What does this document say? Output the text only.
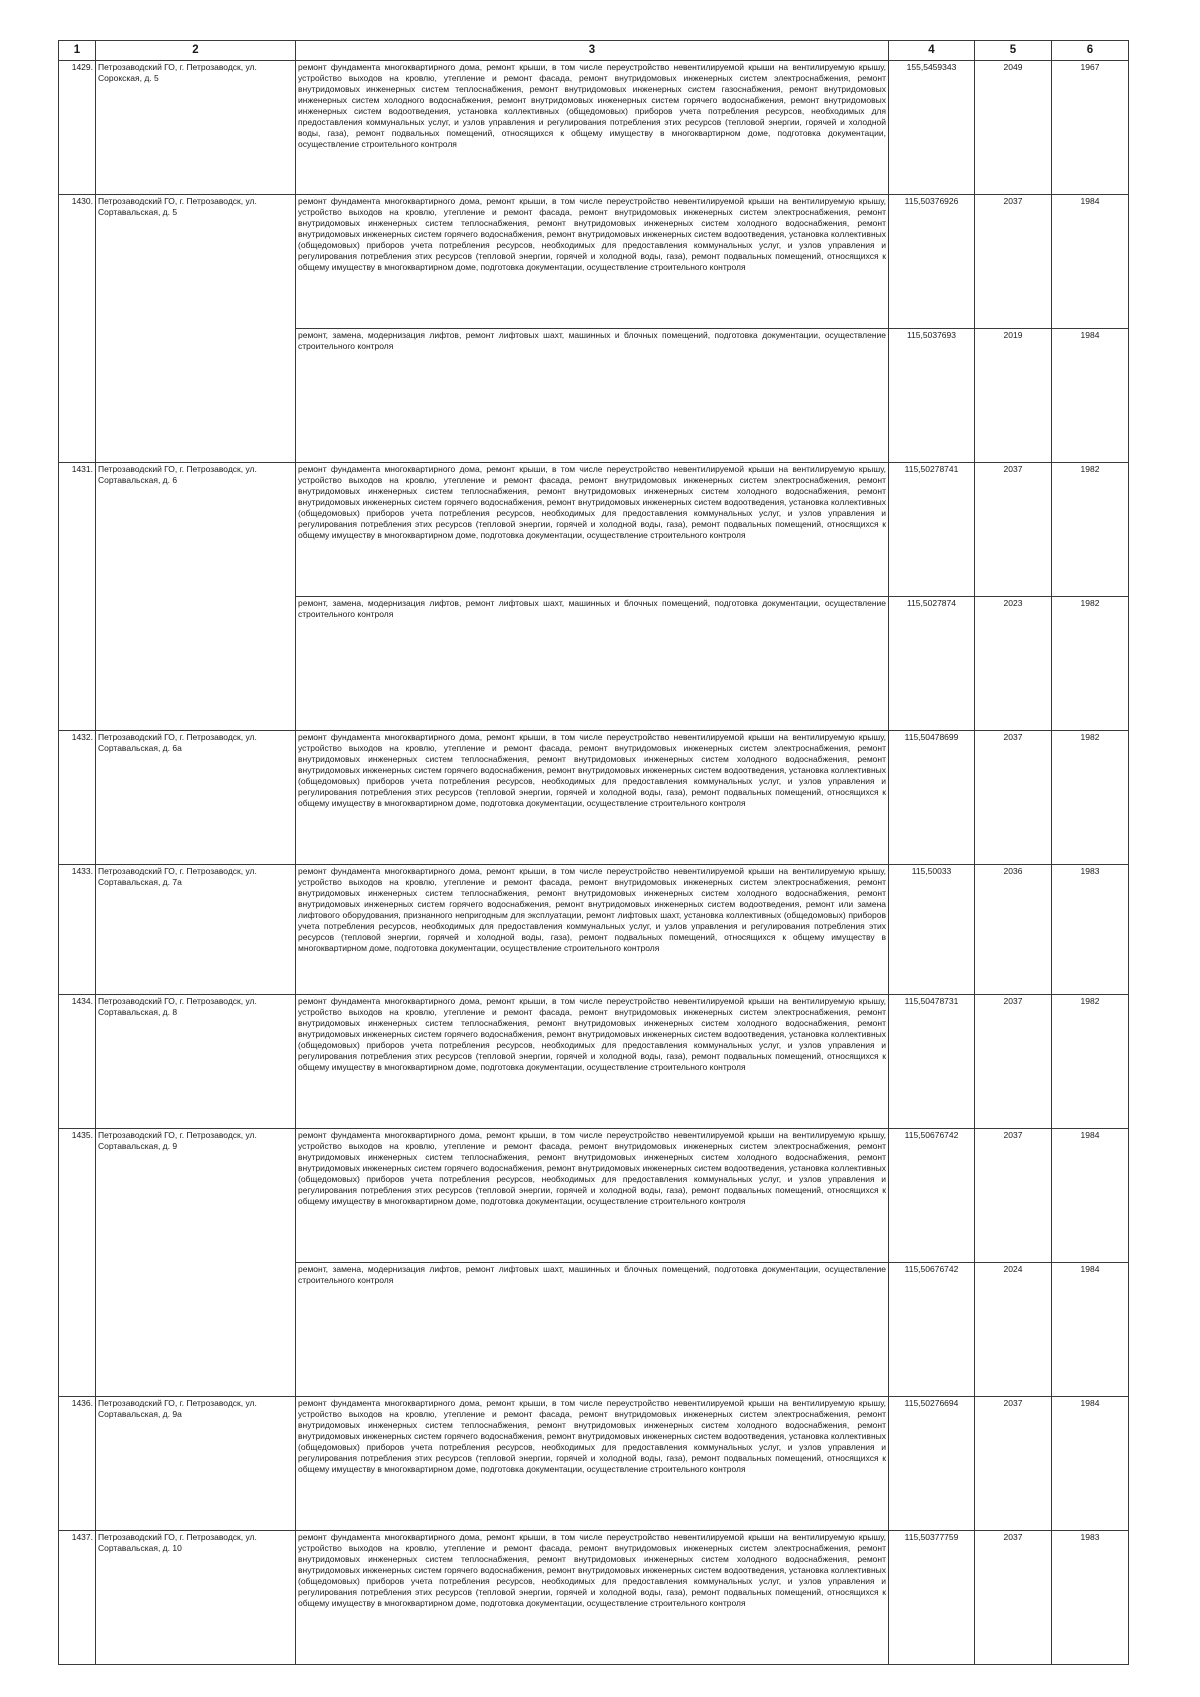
1	2	3	4	5	6
1429.	Петрозаводский ГО, г. Петрозаводск, ул. Сорокская, д. 5	ремонт фундамента многоквартирного дома, ремонт крыши, в том числе переустройство невентилируемой крыши на вентилируемую крышу, устройство выходов на кровлю, утепление и ремонт фасада, ремонт внутридомовых инженерных систем электроснабжения, ремонт внутридомовых инженерных систем теплоснабжения, ремонт внутридомовых инженерных систем газоснабжения, ремонт внутридомовых инженерных систем холодного водоснабжения, ремонт внутридомовых инженерных систем горячего водоснабжения, ремонт внутридомовых инженерных систем водоотведения, установка коллективных (общедомовых) приборов учета потребления ресурсов, необходимых для предоставления коммунальных услуг, и узлов управления и регулирования потребления этих ресурсов (тепловой энергии, горячей и холодной воды, газа), ремонт подвальных помещений, относящихся к общему имуществу в многоквартирном доме, подготовка документации, осуществление строительного контроля	155,5459343	2049	1967
1430.	Петрозаводский ГО, г. Петрозаводск, ул. Сортавальская, д. 5	ремонт фундамента многоквартирного дома, ремонт крыши, в том числе переустройство невентилируемой крыши на вентилируемую крышу, устройство выходов на кровлю, утепление и ремонт фасада, ремонт внутридомовых инженерных систем электроснабжения, ремонт внутридомовых инженерных систем теплоснабжения, ремонт внутридомовых инженерных систем холодного водоснабжения, ремонт внутридомовых инженерных систем горячего водоснабжения, ремонт внутридомовых инженерных систем водоотведения, установка коллективных (общедомовых) приборов учета потребления ресурсов, необходимых для предоставления коммунальных услуг, и узлов управления и регулирования потребления этих ресурсов (тепловой энергии, горячей и холодной воды, газа), ремонт подвальных помещений, относящихся к общему имуществу в многоквартирном доме, подготовка документации, осуществление строительного контроля	115,50376926	2037	1984
		ремонт, замена, модернизация лифтов, ремонт лифтовых шахт, машинных и блочных помещений, подготовка документации, осуществление строительного контроля	115,5037693	2019	1984
1431.	Петрозаводский ГО, г. Петрозаводск, ул. Сортавальская, д. 6	ремонт фундамента многоквартирного дома, ремонт крыши, в том числе переустройство невентилируемой крыши на вентилируемую крышу, устройство выходов на кровлю, утепление и ремонт фасада, ремонт внутридомовых инженерных систем электроснабжения, ремонт внутридомовых инженерных систем теплоснабжения, ремонт внутридомовых инженерных систем холодного водоснабжения, ремонт внутридомовых инженерных систем горячего водоснабжения, ремонт внутридомовых инженерных систем водоотведения, установка коллективных (общедомовых) приборов учета потребления ресурсов, необходимых для предоставления коммунальных услуг, и узлов управления и регулирования потребления этих ресурсов (тепловой энергии, горячей и холодной воды, газа), ремонт подвальных помещений, относящихся к общему имуществу в многоквартирном доме, подготовка документации, осуществление строительного контроля	115,50278741	2037	1982
		ремонт, замена, модернизация лифтов, ремонт лифтовых шахт, машинных и блочных помещений, подготовка документации, осуществление строительного контроля	115,5027874	2023	1982
1432.	Петрозаводский ГО, г. Петрозаводск, ул. Сортавальская, д. 6а	ремонт фундамента многоквартирного дома, ремонт крыши, в том числе переустройство невентилируемой крыши на вентилируемую крышу, устройство выходов на кровлю, утепление и ремонт фасада, ремонт внутридомовых инженерных систем электроснабжения, ремонт внутридомовых инженерных систем теплоснабжения, ремонт внутридомовых инженерных систем холодного водоснабжения, ремонт внутридомовых инженерных систем горячего водоснабжения, ремонт внутридомовых инженерных систем водоотведения, установка коллективных (общедомовых) приборов учета потребления ресурсов, необходимых для предоставления коммунальных услуг, и узлов управления и регулирования потребления этих ресурсов (тепловой энергии, горячей и холодной воды, газа), ремонт подвальных помещений, относящихся к общему имуществу в многоквартирном доме, подготовка документации, осуществление строительного контроля	115,50478699	2037	1982
1433.	Петрозаводский ГО, г. Петрозаводск, ул. Сортавальская, д. 7а	ремонт фундамента многоквартирного дома, ремонт крыши, в том числе переустройство невентилируемой крыши на вентилируемую крышу, устройство выходов на кровлю, утепление и ремонт фасада, ремонт внутридомовых инженерных систем электроснабжения, ремонт внутридомовых инженерных систем теплоснабжения, ремонт внутридомовых инженерных систем холодного водоснабжения, ремонт внутридомовых инженерных систем горячего водоснабжения, ремонт внутридомовых инженерных систем водоотведения, ремонт или замена лифтового оборудования, признанного непригодным для эксплуатации, ремонт лифтовых шахт, установка коллективных (общедомовых) приборов учета потребления ресурсов, необходимых для предоставления коммунальных услуг, и узлов управления и регулирования потребления этих ресурсов (тепловой энергии, горячей и холодной воды, газа), ремонт подвальных помещений, относящихся к общему имуществу в многоквартирном доме, подготовка документации, осуществление строительного контроля	115,50033	2036	1983
1434.	Петрозаводский ГО, г. Петрозаводск, ул. Сортавальская, д. 8	ремонт фундамента многоквартирного дома, ремонт крыши, в том числе переустройство невентилируемой крыши на вентилируемую крышу, устройство выходов на кровлю, утепление и ремонт фасада, ремонт внутридомовых инженерных систем электроснабжения, ремонт внутридомовых инженерных систем теплоснабжения, ремонт внутридомовых инженерных систем холодного водоснабжения, ремонт внутридомовых инженерных систем горячего водоснабжения, ремонт внутридомовых инженерных систем водоотведения, установка коллективных (общедомовых) приборов учета потребления ресурсов, необходимых для предоставления коммунальных услуг, и узлов управления и регулирования потребления этих ресурсов (тепловой энергии, горячей и холодной воды, газа), ремонт подвальных помещений, относящихся к общему имуществу в многоквартирном доме, подготовка документации, осуществление строительного контроля	115,50478731	2037	1982
1435.	Петрозаводский ГО, г. Петрозаводск, ул. Сортавальская, д. 9	ремонт фундамента многоквартирного дома, ремонт крыши, в том числе переустройство невентилируемой крыши на вентилируемую крышу, устройство выходов на кровлю, утепление и ремонт фасада, ремонт внутридомовых инженерных систем электроснабжения, ремонт внутридомовых инженерных систем теплоснабжения, ремонт внутридомовых инженерных систем холодного водоснабжения, ремонт внутридомовых инженерных систем горячего водоснабжения, ремонт внутридомовых инженерных систем водоотведения, установка коллективных (общедомовых) приборов учета потребления ресурсов, необходимых для предоставления коммунальных услуг, и узлов управления и регулирования потребления этих ресурсов (тепловой энергии, горячей и холодной воды, газа), ремонт подвальных помещений, относящихся к общему имуществу в многоквартирном доме, подготовка документации, осуществление строительного контроля	115,50676742	2037	1984
		ремонт, замена, модернизация лифтов, ремонт лифтовых шахт, машинных и блочных помещений, подготовка документации, осуществление строительного контроля	115,50676742	2024	1984
1436.	Петрозаводский ГО, г. Петрозаводск, ул. Сортавальская, д. 9а	ремонт фундамента многоквартирного дома, ремонт крыши, в том числе переустройство невентилируемой крыши на вентилируемую крышу, устройство выходов на кровлю, утепление и ремонт фасада, ремонт внутридомовых инженерных систем электроснабжения, ремонт внутридомовых инженерных систем теплоснабжения, ремонт внутридомовых инженерных систем холодного водоснабжения, ремонт внутридомовых инженерных систем горячего водоснабжения, ремонт внутридомовых инженерных систем водоотведения, установка коллективных (общедомовых) приборов учета потребления ресурсов, необходимых для предоставления коммунальных услуг, и узлов управления и регулирования потребления этих ресурсов (тепловой энергии, горячей и холодной воды, газа), ремонт подвальных помещений, относящихся к общему имуществу в многоквартирном доме, подготовка документации, осуществление строительного контроля	115,50276694	2037	1984
1437.	Петрозаводский ГО, г. Петрозаводск, ул. Сортавальская, д. 10	ремонт фундамента многоквартирного дома, ремонт крыши, в том числе переустройство невентилируемой крыши на вентилируемую крышу, устройство выходов на кровлю, утепление и ремонт фасада, ремонт внутридомовых инженерных систем электроснабжения, ремонт внутридомовых инженерных систем теплоснабжения, ремонт внутридомовых инженерных систем холодного водоснабжения, ремонт внутридомовых инженерных систем горячего водоснабжения, ремонт внутридомовых инженерных систем водоотведения, установка коллективных (общедомовых) приборов учета потребления ресурсов, необходимых для предоставления коммунальных услуг, и узлов управления и регулирования потребления этих ресурсов (тепловой энергии, горячей и холодной воды, газа), ремонт подвальных помещений, относящихся к общему имуществу в многоквартирном доме, подготовка документации, осуществление строительного контроля	115,50377759	2037	1983
